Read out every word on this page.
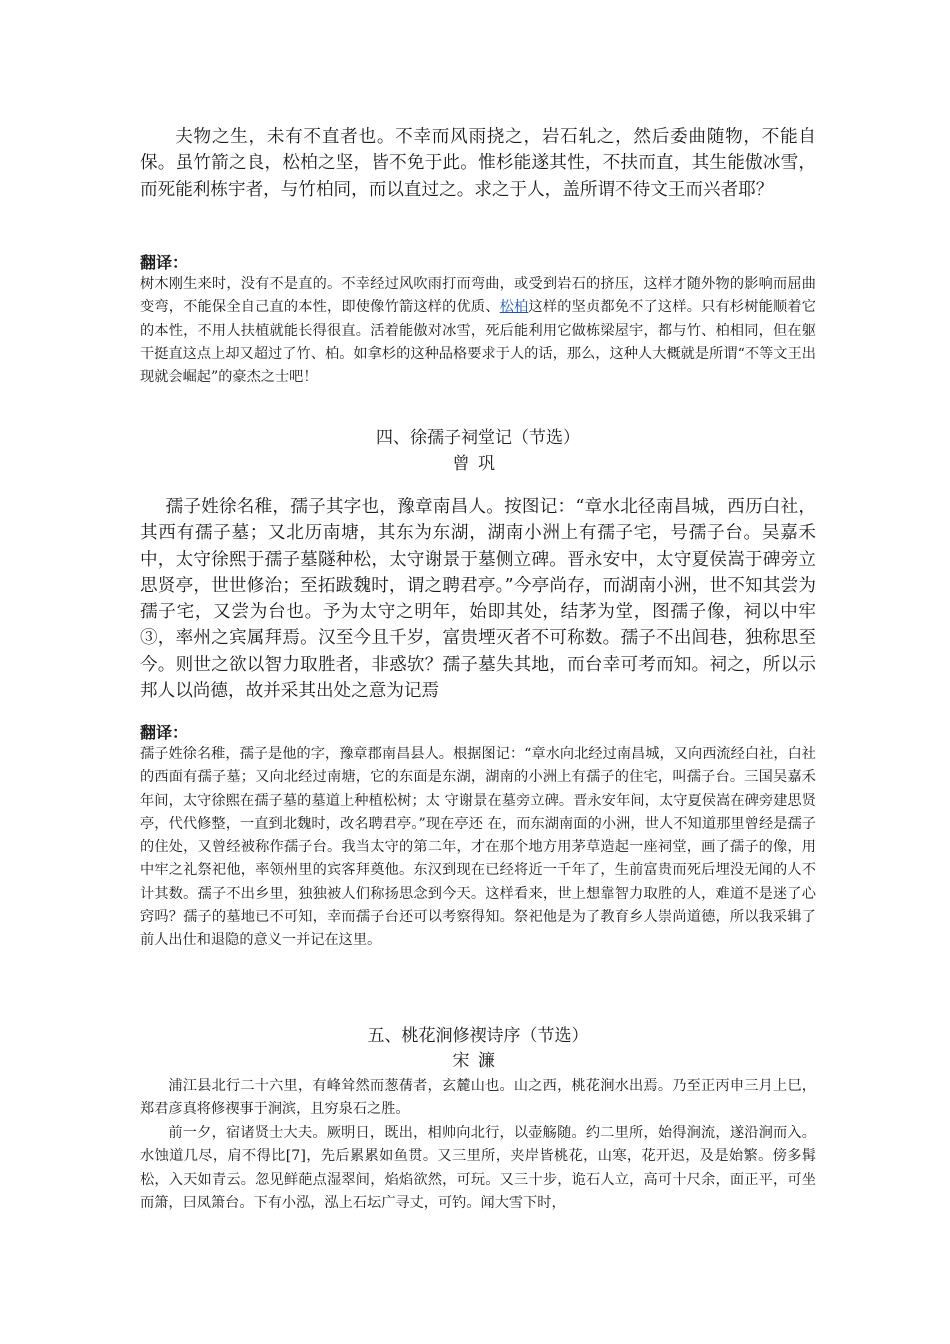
夫物之生，未有不直者也。不幸而风雨挠之，岩石轧之，然后委曲随物，不能自保。虽竹箭之良，松柏之坚，皆不免于此。惟杉能遂其性，不扶而直，其生能傲冰雪，而死能利栋宇者，与竹柏同，而以直过之。求之于人，盖所谓不待文王而兴者耶？

翻译：

树木刚生来时，没有不是直的。不幸经过风吹雨打而弯曲，或受到岩石的挤压，这样才随外物的影响而屈曲变弯，不能保全自己直的本性，即使像竹箭这样的优质、松柏这样的坚贞都免不了这样。只有杉树能顺着它的本性，不用人扶植就能长得很直。活着能傲对冰雪，死后能利用它做栋梁屋宇，都与竹、柏相同，但在躯干挺直这点上却又超过了竹、柏。如拿杉的这种品格要求于人的话，那么，这种人大概就是所谓“不等文王出现就会崛起”的豪杰之士吧！

四、徐孺子祠堂记（节选）
曾巩

孺子姓徐名稚，孺子其字也，豫章南昌人。按图记：“章水北径南昌城，西历白社，其西有孺子墓；又北历南塘，其东为东湖，湖南小洲上有孺子宅，号孺子台。吴嘉禾中，太守徐熙于孺子墓隧种松，太守谢景于墓侧立碑。晋永安中，太守夏侯嵩于碑旁立思贤亭，世世修治；至拓跋魏时，谓之聘君亭。”今亭尚存，而湖南小洲，世不知其尝为孺子宅，又尝为台也。予为太守之明年，始即其处，结茅为堂，图孺子像，祠以中牢③，率州之宾属拜焉。汉至今且千岁，富贵堙灭者不可称数。孺子不出闾巷，独称思至今。则世之欲以智力取胜者，非惑欤？孺子墓失其地，而台幸可考而知。祠之，所以示邦人以尚德，故并采其出处之意为记焉

翻译：

孺子姓徐名稚，孺子是他的字，豫章郡南昌县人。根据图记：“章水向北经过南昌城，又向西流经白社，白社的西面有孺子墓；又向北经过南塘，它的东面是东湖，湖南的小洲上有孺子的住宅，叫孺子台。三国吴嘉禾年间，太守徐熙在孺子墓的墓道上种植松树；太 守谢景在墓旁立碑。晋永安年间，太守夏侯嵩在碑旁建思贤亭，代代修整，一直到北魏时，改名聘君亭。”现在亭还 在，而东湖南面的小洲，世人不知道那里曾经是孺子的住处，又曾经被称作孺子台。我当太守的第二年，才在那个地方用茅草造起一座祠堂，画了孺子的像，用中牢之礼祭祀他，率领州里的宾客拜奠他。东汉到现在已经将近一千年了，生前富贵而死后埋没无闻的人不计其数。孺子不出乡里，独独被人们称扬思念到今天。这样看来，世上想靠智力取胜的人，难道不是迷了心窍吗？孺子的墓地已不可知，幸而孺子台还可以考察得知。祭祀他是为了教育乡人崇尚道德，所以我采辑了前人出仕和退隐的意义一并记在这里。

五、桃花涧修禊诗序（节选）
宋濂

浦江县北行二十六里，有峰耸然而葱蒨者，玄麓山也。山之西，桃花涧水出焉。乃至正丙申三月上巳，郑君彦真将修禊事于涧滨，且穷泉石之胜。

前一夕，宿诸贤士大夫。厥明日，既出，相帅向北行，以壶觞随。约二里所，始得涧流，遂沿涧而入。水蚀道几尽，肩不得比[7]，先后累累如鱼贯。又三里所，夹岸皆桃花，山寒，花开迟，及是始繁。傍多髯松，入天如青云。忽见鲜葩点湿翠间，焰焰欲然，可玩。又三十步，诡石人立，高可十尺余，面正平，可坐而箫，曰凤箫台。下有小泓，泓上石坛广寻丈，可钓。闻大雪下时，
